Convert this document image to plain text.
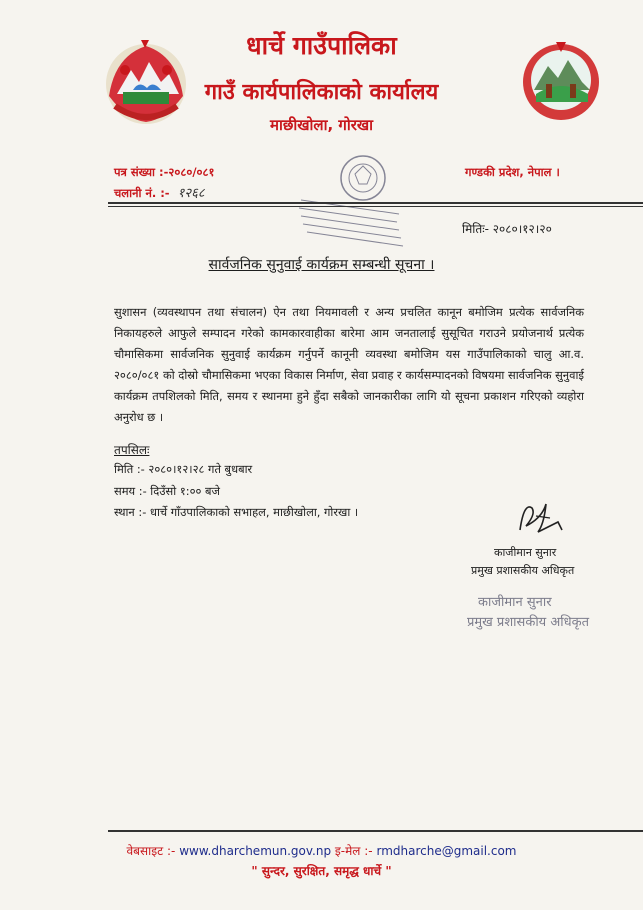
धार्चे गाउँपालिका
गाउँ कार्यपालिकाको कार्यालय
माछीखोला, गोरखा
पत्र संख्या :-२०८०/०८१
चलानी नं. :- १२६८
गण्डकी प्रदेश, नेपाल ।
मितिः- २०८०।१२।२०
सार्वजनिक सुनुवाई कार्यक्रम सम्बन्धी सूचना ।
सुशासन (व्यवस्थापन तथा संचालन) ऐन तथा नियमावली र अन्य प्रचलित कानून बमोजिम प्रत्येक सार्वजनिक निकायहरुले आफुले सम्पादन गरेको कामकारवाहीका बारेमा आम जनतालाई सुसूचित गराउने प्रयोजनार्थ प्रत्येक चौमासिकमा सार्वजनिक सुनुवाई कार्यक्रम गर्नुपर्ने कानूनी व्यवस्था बमोजिम यस गाउँपालिकाको चालु आ.व. २०८०/०८१ को दोस्रो चौमासिकमा भएका विकास निर्माण, सेवा प्रवाह र कार्यसम्पादनको विषयमा सार्वजनिक सुनुवाई कार्यक्रम तपशिलको मिति, समय र स्थानमा हुने हुँदा सबैको जानकारीका लागि यो सूचना प्रकाशन गरिएको व्यहोरा अनुरोध छ ।
तपसिलः
मिति :- २०८०।१२।२८ गते बुधबार
समय :- दिउँसो १:०० बजे
स्थान :- धार्चे गाँउपालिकाको सभाहल, माछीखोला, गोरखा ।
काजीमान सुनार
प्रमुख प्रशासकीय अधिकृत
काजीमान सुनार
प्रमुख प्रशासकीय अधिकृत
वेबसाइट :- www.dharchemun.gov.np इ-मेल :- rmdharche@gmail.com
" सुन्दर, सुरक्षित, समृद्ध धार्चे "
